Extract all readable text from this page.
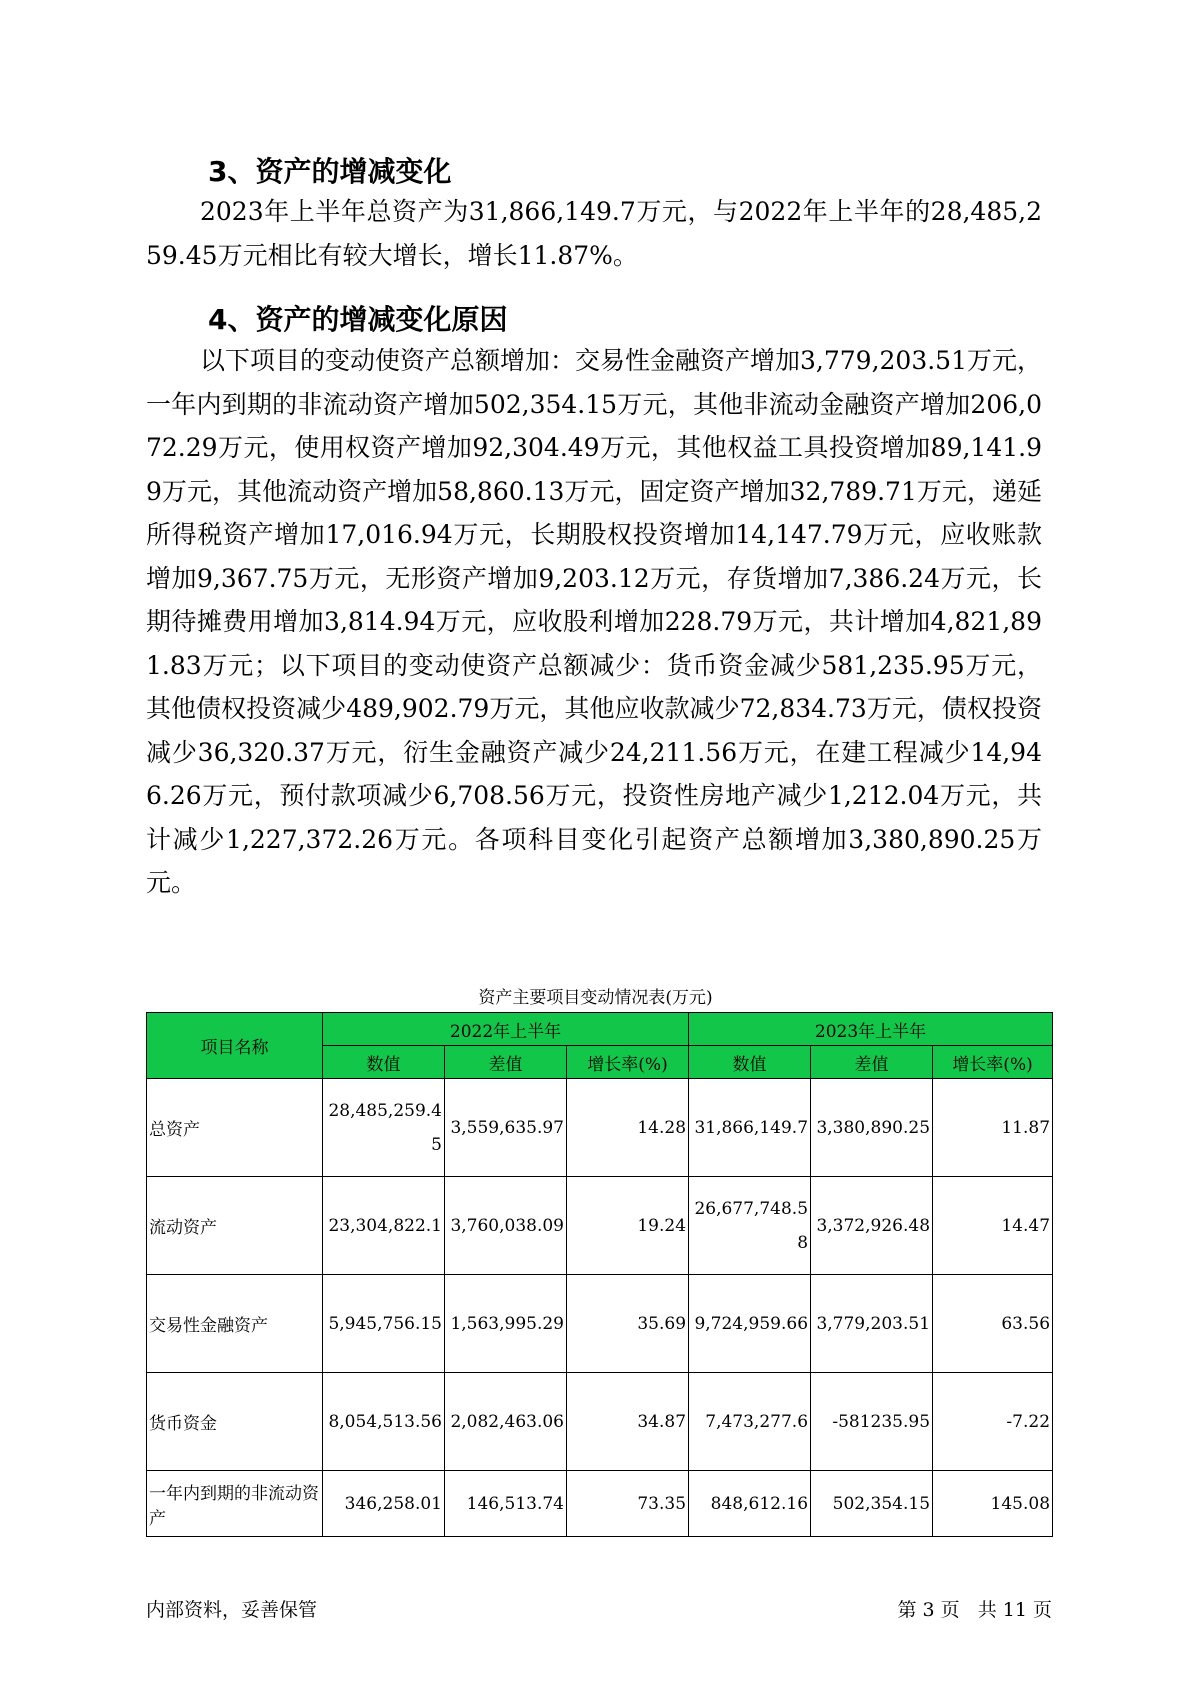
3、资产的增减变化

2023年上半年总资产为31,866,149.7万元，与2022年上半年的28,485,259.45万元相比有较大增长，增长11.87%。

4、资产的增减变化原因

以下项目的变动使资产总额增加：交易性金融资产增加3,779,203.51万元，一年内到期的非流动资产增加502,354.15万元，其他非流动金融资产增加206,072.29万元，使用权资产增加92,304.49万元，其他权益工具投资增加89,141.99万元，其他流动资产增加58,860.13万元，固定资产增加32,789.71万元，递延所得税资产增加17,016.94万元，长期股权投资增加14,147.79万元，应收账款增加9,367.75万元，无形资产增加9,203.12万元，存货增加7,386.24万元，长期待摊费用增加3,814.94万元，应收股利增加228.79万元，共计增加4,821,891.83万元；以下项目的变动使资产总额减少：货币资金减少581,235.95万元，其他债权投资减少489,902.79万元，其他应收款减少72,834.73万元，债权投资减少36,320.37万元，衍生金融资产减少24,211.56万元，在建工程减少14,946.26万元，预付款项减少6,708.56万元，投资性房地产减少1,212.04万元，共计减少1,227,372.26万元。各项科目变化引起资产总额增加3,380,890.25万元。

资产主要项目变动情况表(万元)

项目名称	2022年上半年			2023年上半年		
	数值	差值	增长率(%)	数值	差值	增长率(%)
总资产	28,485,259.45	3,559,635.97	14.28	31,866,149.7	3,380,890.25	11.87
流动资产	23,304,822.1	3,760,038.09	19.24	26,677,748.58	3,372,926.48	14.47
交易性金融资产	5,945,756.15	1,563,995.29	35.69	9,724,959.66	3,779,203.51	63.56
货币资金	8,054,513.56	2,082,463.06	34.87	7,473,277.6	-581235.95	-7.22
一年内到期的非流动资产	346,258.01	146,513.74	73.35	848,612.16	502,354.15	145.08

内部资料，妥善保管	第 3 页   共 11 页
